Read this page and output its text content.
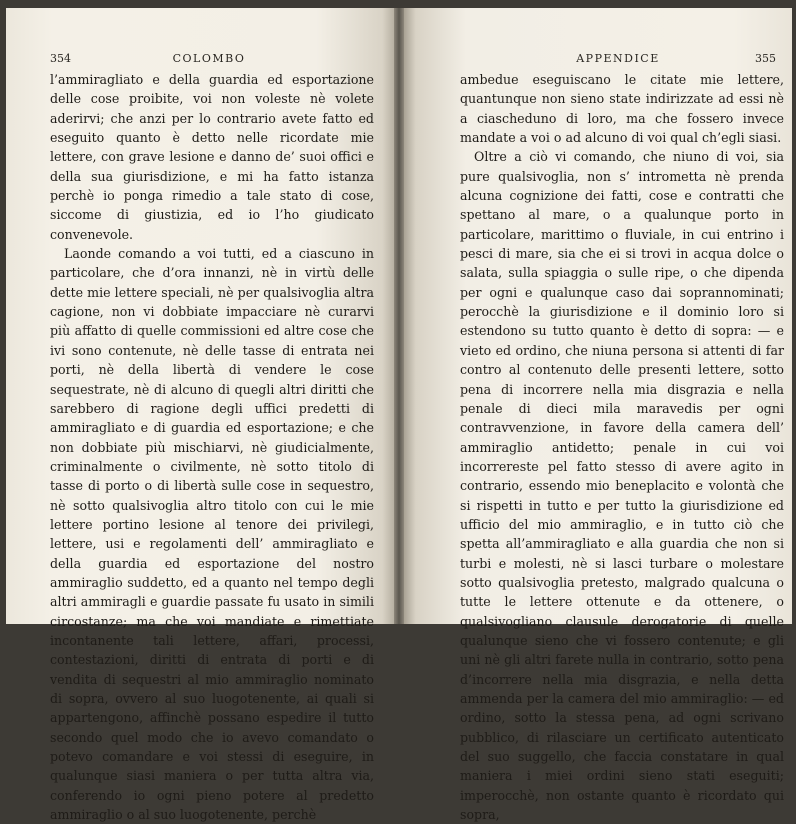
354	COLOMBO

l’ammiragliato e della guardia ed esportazione delle cose proibite, voi non voleste nè volete aderirvi; che anzi per lo contrario avete fatto ed eseguito quanto è detto nelle ricordate mie lettere, con grave lesione e danno de’ suoi offici e della sua giurisdizione, e mi ha fatto istanza perchè io ponga rimedio a tale stato di cose, siccome di giustizia, ed io l’ho giudicato convenevole.

Laonde comando a voi tutti, ed a ciascuno in particolare, che d’ora innanzi, nè in virtù delle dette mie lettere speciali, nè per qualsivoglia altra cagione, non vi dobbiate impacciare nè curarvi più affatto di quelle commissioni ed altre cose che ivi sono contenute, nè delle tasse di entrata nei porti, nè della libertà di vendere le cose sequestrate, nè di alcuno di quegli altri diritti che sarebbero di ragione degli uffici predetti di ammiragliato e di guardia ed esportazione; e che non dobbiate più mischiarvi, nè giudicialmente, criminalmente o civilmente, nè sotto titolo di tasse di porto o di libertà sulle cose in sequestro, nè sotto qualsivoglia altro titolo con cui le mie lettere portino lesione al tenore dei privilegi, lettere, usi e regolamenti dell’ ammiragliato e della guardia ed esportazione del nostro ammiraglio suddetto, ed a quanto nel tempo degli altri ammiragli e guardie passate fu usato in simili circostanze; ma che voi mandiate e rimettiate incontanente tali lettere, affari, processi, contestazioni, diritti di entrata di porti e di vendita di sequestri al mio ammiraglio nominato di sopra, ovvero al suo luogotenente, ai quali si appartengono, affinchè possano espedire il tutto secondo quel modo che io avevo comandato o potevo comandare e voi stessi di eseguire, in qualunque siasi maniera o per tutta altra via, conferendo io ogni pieno potere al predetto ammiraglio o al suo luogotenente, perchè

APPENDICE	355

ambedue eseguiscano le citate mie lettere, quantunque non sieno state indirizzate ad essi nè a ciascheduno di loro, ma che fossero invece mandate a voi o ad alcuno di voi qual ch’egli siasi.

Oltre a ciò vi comando, che niuno di voi, sia pure qualsivoglia, non s’ intrometta nè prenda alcuna cognizione dei fatti, cose e contratti che spettano al mare, o a qualunque porto in particolare, marittimo o fluviale, in cui entrino i pesci di mare, sia che ei si trovi in acqua dolce o salata, sulla spiaggia o sulle ripe, o che dipenda per ogni e qualunque caso dai soprannominati; perocchè la giurisdizione e il dominio loro si estendono su tutto quanto è detto di sopra: — e vieto ed ordino, che niuna persona si attenti di far contro al contenuto delle presenti lettere, sotto pena di incorrere nella mia disgrazia e nella penale di dieci mila maravedis per ogni contravvenzione, in favore della camera dell’ ammiraglio antidetto; penale in cui voi incorrereste pel fatto stesso di avere agito in contrario, essendo mio beneplacito e volontà che si rispetti in tutto e per tutto la giurisdizione ed ufficio del mio ammiraglio, e in tutto ciò che spetta all’ammiragliato e alla guardia che non si turbi e molesti, nè si lasci turbare o molestare sotto qualsivoglia pretesto, malgrado qualcuna o tutte le lettere ottenute e da ottenere, o qualsivogliano clausule derogatorie di quelle qualunque sieno che vi fossero contenute; e gli uni nè gli altri farete nulla in contrario, sotto pena d’incorrere nella mia disgrazia, e nella detta ammenda per la camera del mio ammiraglio: — ed ordino, sotto la stessa pena, ad ogni scrivano pubblico, di rilasciare un certificato autenticato del suo suggello, che faccia constatare in qual maniera i miei ordini sieno stati eseguiti; imperocchè, non ostante quanto è ricordato qui sopra,
